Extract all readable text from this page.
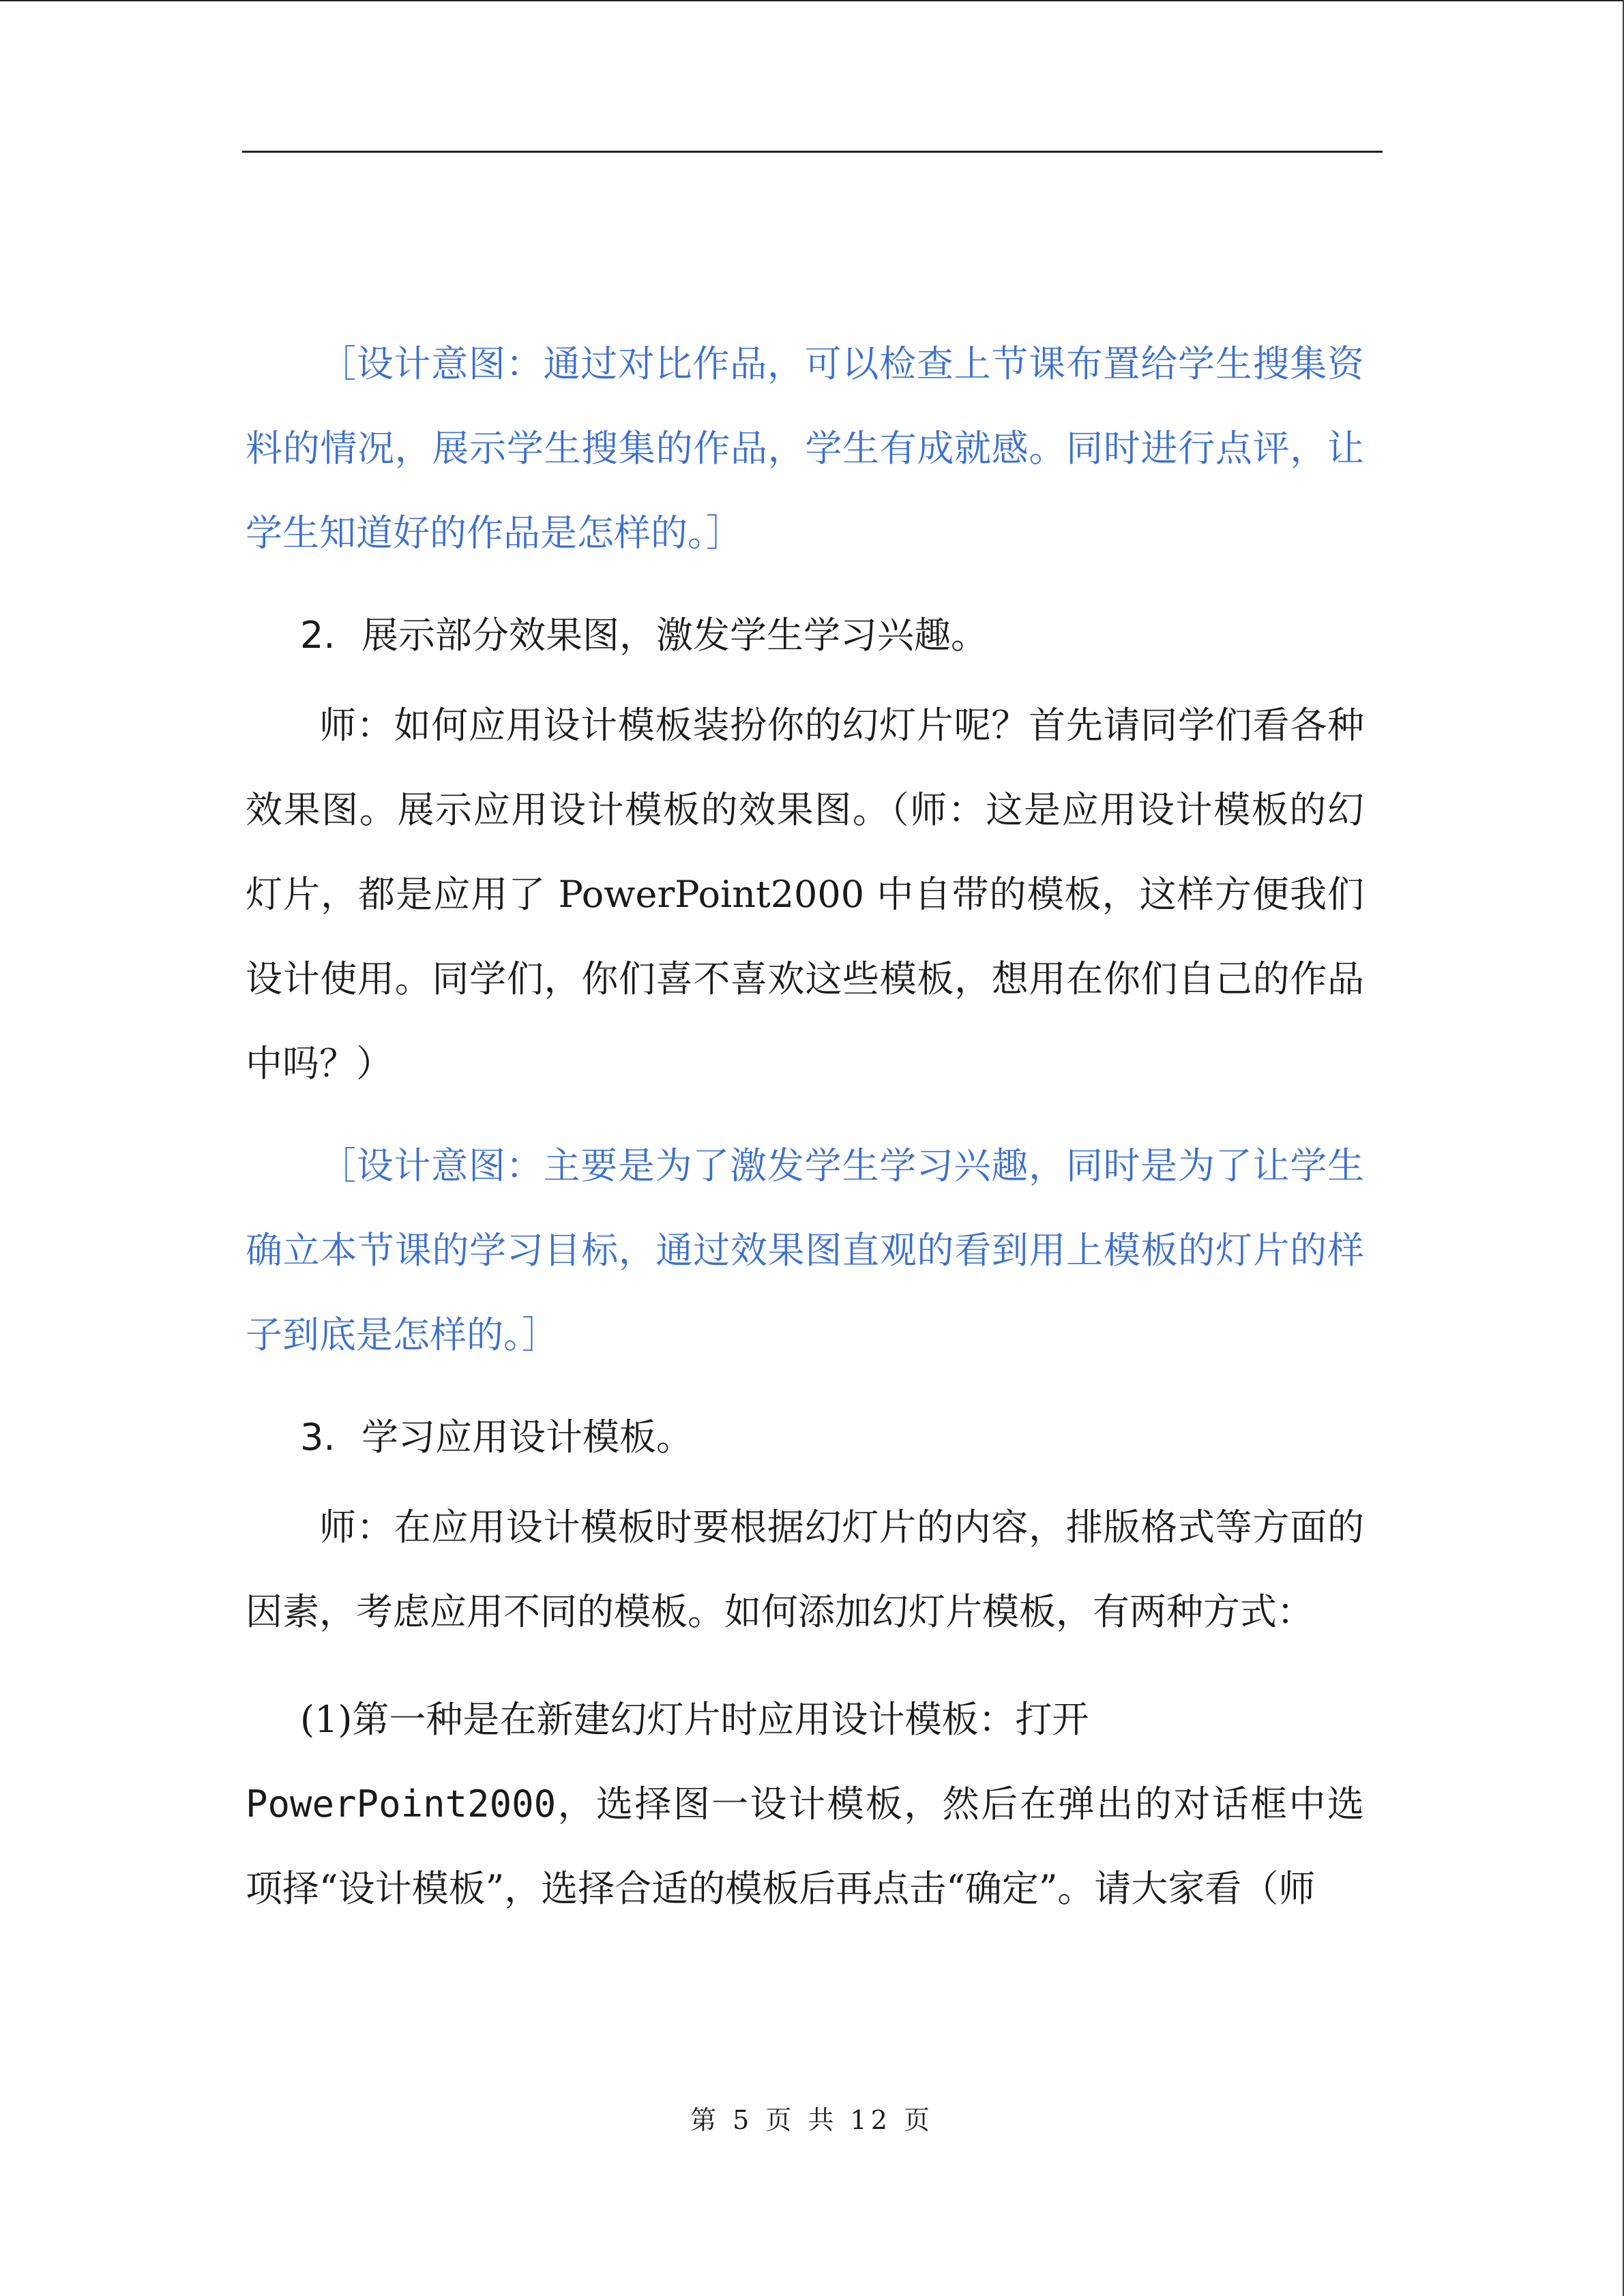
［设计意图：通过对比作品，可以检查上节课布置给学生搜集资料的情况，展示学生搜集的作品，学生有成就感。同时进行点评，让学生知道好的作品是怎样的。］

2. 展示部分效果图，激发学生学习兴趣。

师：如何应用设计模板装扮你的幻灯片呢？首先请同学们看各种效果图。展示应用设计模板的效果图。（师：这是应用设计模板的幻灯片，都是应用了 PowerPoint2000 中自带的模板，这样方便我们设计使用。同学们，你们喜不喜欢这些模板，想用在你们自己的作品中吗？）

［设计意图：主要是为了激发学生学习兴趣，同时是为了让学生确立本节课的学习目标，通过效果图直观的看到用上模板的灯片的样子到底是怎样的。］

3. 学习应用设计模板。

师：在应用设计模板时要根据幻灯片的内容，排版格式等方面的因素，考虑应用不同的模板。如何添加幻灯片模板，有两种方式：

(1)第一种是在新建幻灯片时应用设计模板：打开
PowerPoint2000，选择图一设计模板，然后在弹出的对话框中选项择“设计模板”，选择合适的模板后再点击“确定”。请大家看（师

第 5 页 共 12 页
